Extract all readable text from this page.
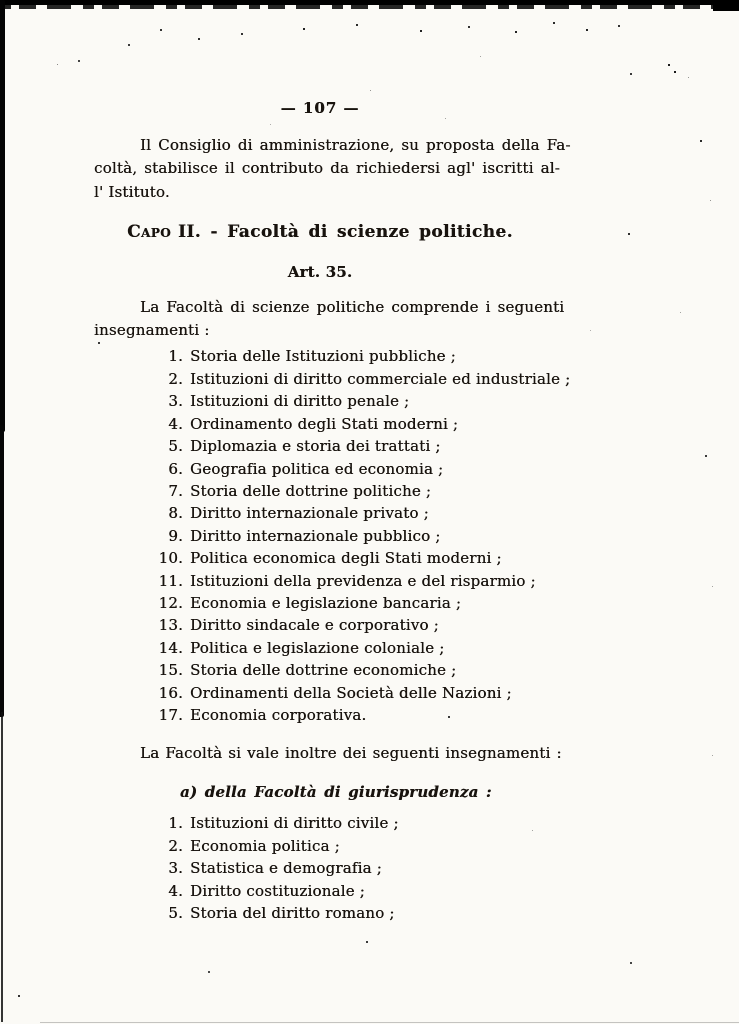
— 107 —
Il Consiglio di amministrazione, su proposta della Fa-
coltà, stabilisce il contributo da richiedersi agl' iscritti al-
l' Istituto.
Capo II. - Facoltà di scienze politiche.
Art. 35.
La Facoltà di scienze politiche comprende i seguenti
insegnamenti :
1. Storia delle Istituzioni pubbliche ;
2. Istituzioni di diritto commerciale ed industriale ;
3. Istituzioni di diritto penale ;
4. Ordinamento degli Stati moderni ;
5. Diplomazia e storia dei trattati ;
6. Geografia politica ed economia ;
7. Storia delle dottrine politiche ;
8. Diritto internazionale privato ;
9. Diritto internazionale pubblico ;
10. Politica economica degli Stati moderni ;
11. Istituzioni della previdenza e del risparmio ;
12. Economia e legislazione bancaria ;
13. Diritto sindacale e corporativo ;
14. Politica e legislazione coloniale ;
15. Storia delle dottrine economiche ;
16. Ordinamenti della Società delle Nazioni ;
17. Economia corporativa.
La Facoltà si vale inoltre dei seguenti insegnamenti :
a) della Facoltà di giurisprudenza :
1. Istituzioni di diritto civile ;
2. Economia politica ;
3. Statistica e demografia ;
4. Diritto costituzionale ;
5. Storia del diritto romano ;
